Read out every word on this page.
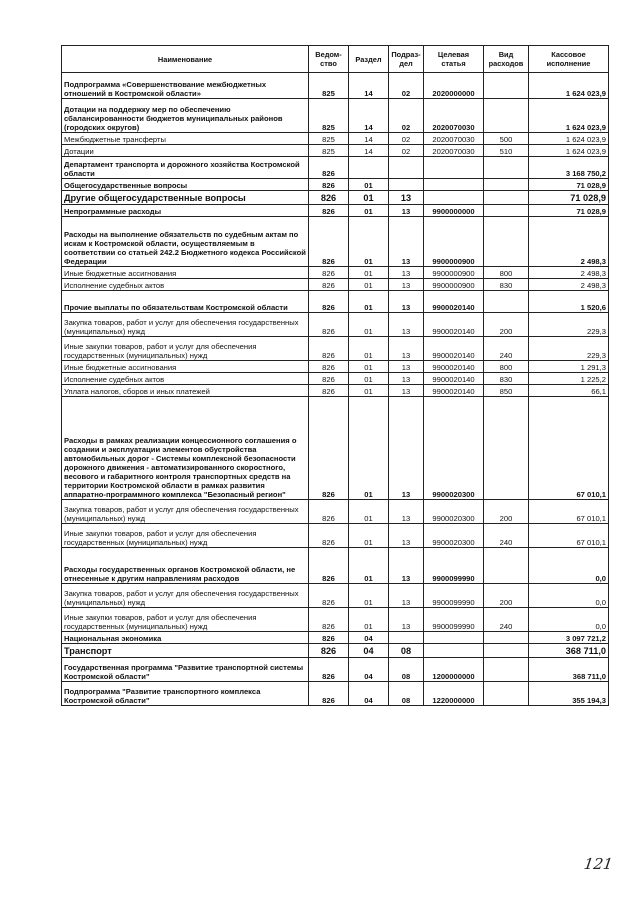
Наименование	Ведом-ство	Раздел	Подраз-дел	Целевая статья	Вид расходов	Кассовое исполнение
Подпрограмма «Совершенствование межбюджетных отношений в Костромской области»	825	14	02	2020000000		1 624 023,9
Дотации на поддержку мер по обеспечению сбалансированности бюджетов муниципальных районов (городских округов)	825	14	02	2020070030		1 624 023,9
Межбюджетные трансферты	825	14	02	2020070030	500	1 624 023,9
Дотации	825	14	02	2020070030	510	1 624 023,9
Департамент транспорта и дорожного хозяйства Костромской области	826					3 168 750,2
Общегосударственные вопросы	826	01				71 028,9
Другие общегосударственные вопросы	826	01	13			71 028,9
Непрограммные расходы	826	01	13	9900000000		71 028,9
Расходы на выполнение обязательств по судебным актам по искам к Костромской области, осуществляемым в соответствии со статьей 242.2 Бюджетного кодекса Российской Федерации	826	01	13	9900000900		2 498,3
Иные бюджетные ассигнования	826	01	13	9900000900	800	2 498,3
Исполнение судебных актов	826	01	13	9900000900	830	2 498,3
Прочие выплаты по обязательствам Костромской области	826	01	13	9900020140		1 520,6
Закупка товаров, работ и услуг для обеспечения государственных (муниципальных) нужд	826	01	13	9900020140	200	229,3
Иные закупки товаров, работ и услуг для обеспечения государственных (муниципальных) нужд	826	01	13	9900020140	240	229,3
Иные бюджетные ассигнования	826	01	13	9900020140	800	1 291,3
Исполнение судебных актов	826	01	13	9900020140	830	1 225,2
Уплата налогов, сборов и иных платежей	826	01	13	9900020140	850	66,1
Расходы в рамках реализации концессионного соглашения о создании и эксплуатации элементов обустройства автомобильных дорог - Системы комплексной безопасности дорожного движения - автоматизированного скоростного, весового и габаритного контроля транспортных средств на территории Костромской области в рамках развития аппаратно-программного комплекса "Безопасный регион"	826	01	13	9900020300		67 010,1
Закупка товаров, работ и услуг для обеспечения государственных (муниципальных) нужд	826	01	13	9900020300	200	67 010,1
Иные закупки товаров, работ и услуг для обеспечения государственных (муниципальных) нужд	826	01	13	9900020300	240	67 010,1
Расходы государственных органов Костромской области, не отнесенные к другим направлениям расходов	826	01	13	9900099990		0,0
Закупка товаров, работ и услуг для обеспечения государственных (муниципальных) нужд	826	01	13	9900099990	200	0,0
Иные закупки товаров, работ и услуг для обеспечения государственных (муниципальных) нужд	826	01	13	9900099990	240	0,0
Национальная экономика	826	04				3 097 721,2
Транспорт	826	04	08			368 711,0
Государственная программа "Развитие транспортной системы Костромской области"	826	04	08	1200000000		368 711,0
Подпрограмма "Развитие транспортного комплекса Костромской области"	826	04	08	1220000000		355 194,3
121
